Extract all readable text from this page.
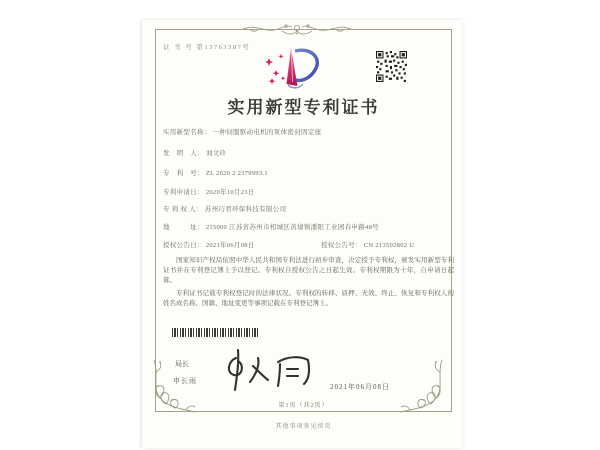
证 书 号 第13763387号
实用新型专利证书
实用新型名称： 一种伺服驱动电机的泵体密封固定座
发　明　人： 刘文玲
专　利　号： ZL 2020 2 2379993.1
专利申请日： 2020年10月23日
专 利 权 人： 苏州巧君环保科技有限公司
地　　　址： 215000 江苏省苏州市相城区黄埭镇潘阳工业园春申路48号
授权公告日： 2021年06月08日	授权公告号： CN 213592802 U

国家知识产权局依照中华人民共和国专利法进行初步审查，决定授予专利权，颁发实用新型专利证书并在专利登记簿上予以登记。专利权自授权公告之日起生效。专利权期限为十年，自申请日起算。

专利证书记载专利权登记时的法律状况。专利权的转移、质押、无效、终止、恢复和专利权人的姓名或名称、国籍、地址变更等事项记载在专利登记簿上。

局长
申长雨
2021年06月08日
第1页（共2页）
其他事项参见续页
